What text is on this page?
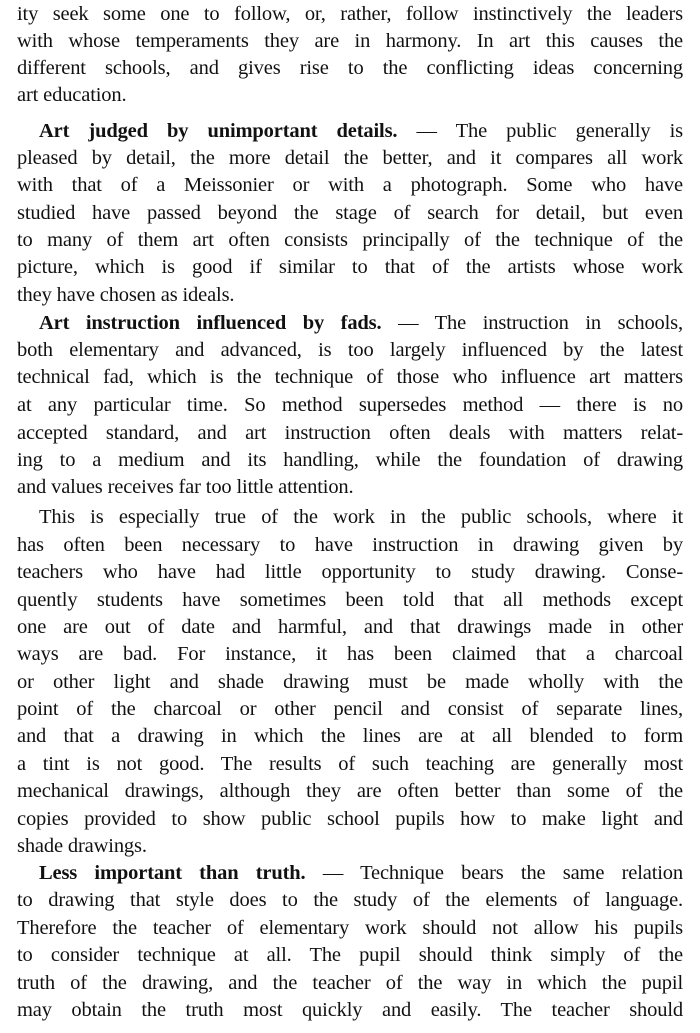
ity seek some one to follow, or, rather, follow instinctively the leaders
with whose temperaments they are in harmony. In art this causes the
different schools, and gives rise to the conflicting ideas concerning
art education.
Art judged by unimportant details. — The public generally is
pleased by detail, the more detail the better, and it compares all work
with that of a Meissonier or with a photograph. Some who have
studied have passed beyond the stage of search for detail, but even
to many of them art often consists principally of the technique of the
picture, which is good if similar to that of the artists whose work
they have chosen as ideals.
Art instruction influenced by fads. — The instruction in schools,
both elementary and advanced, is too largely influenced by the latest
technical fad, which is the technique of those who influence art matters
at any particular time. So method supersedes method — there is no
accepted standard, and art instruction often deals with matters relat-
ing to a medium and its handling, while the foundation of drawing
and values receives far too little attention.
This is especially true of the work in the public schools, where it
has often been necessary to have instruction in drawing given by
teachers who have had little opportunity to study drawing. Conse-
quently students have sometimes been told that all methods except
one are out of date and harmful, and that drawings made in other
ways are bad. For instance, it has been claimed that a charcoal
or other light and shade drawing must be made wholly with the
point of the charcoal or other pencil and consist of separate lines,
and that a drawing in which the lines are at all blended to form
a tint is not good. The results of such teaching are generally most
mechanical drawings, although they are often better than some of the
copies provided to show public school pupils how to make light and
shade drawings.
Less important than truth. — Technique bears the same relation
to drawing that style does to the study of the elements of language.
Therefore the teacher of elementary work should not allow his pupils
to consider technique at all. The pupil should think simply of the
truth of the drawing, and the teacher of the way in which the pupil
may obtain the truth most quickly and easily. The teacher should
